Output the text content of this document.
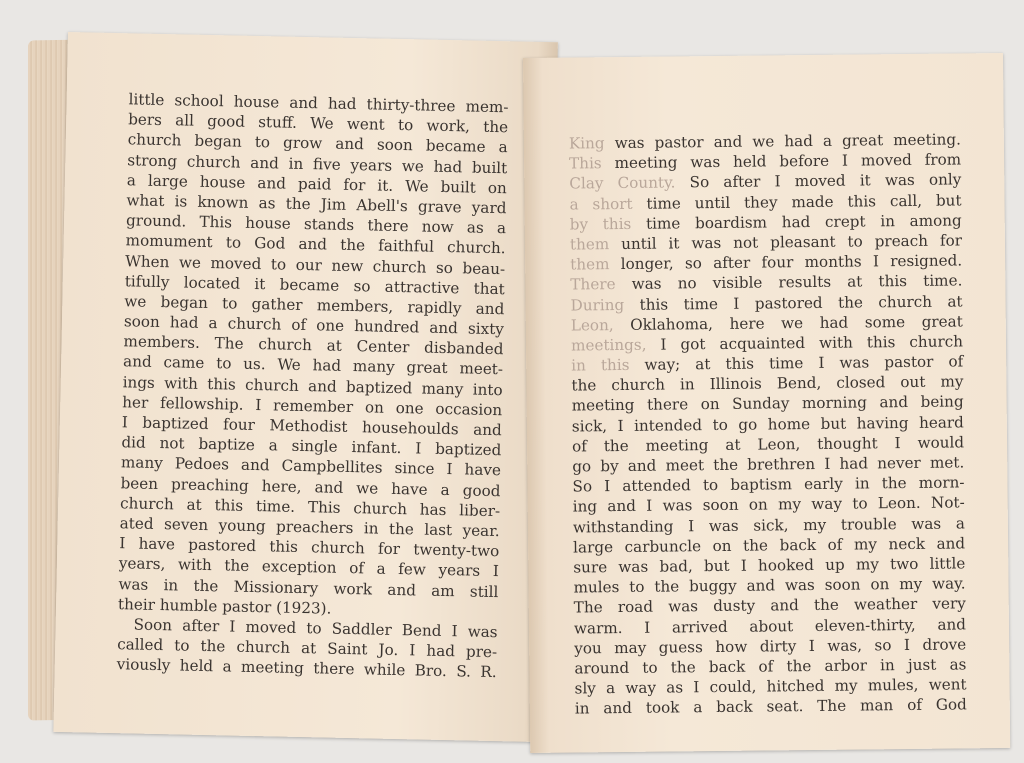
little school house and had thirty-three mem-
bers all good stuff. We went to work, the
church began to grow and soon became a
strong church and in five years we had built
a large house and paid for it. We built on
what is known as the Jim Abell's grave yard
ground. This house stands there now as a
momument to God and the faithful church.
When we moved to our new church so beau-
tifully located it became so attractive that
we began to gather members, rapidly and
soon had a church of one hundred and sixty
members. The church at Center disbanded
and came to us. We had many great meet-
ings with this church and baptized many into
her fellowship. I remember on one occasion
I baptized four Methodist househoulds and
did not baptize a single infant. I baptized
many Pedoes and Campbellites since I have
been preaching here, and we have a good
church at this time. This church has liber-
ated seven young preachers in the last year.
I have pastored this church for twenty-two
years, with the exception of a few years I
was in the Missionary work and am still
their humble pastor (1923).
Soon after I moved to Saddler Bend I was
called to the church at Saint Jo. I had pre-
viously held a meeting there while Bro. S. R.
King was pastor and we had a great meeting.
This meeting was held before I moved from
Clay County. So after I moved it was only
a short time until they made this call, but
by this time boardism had crept in among
them until it was not pleasant to preach for
them longer, so after four months I resigned.
There was no visible results at this time.
During this time I pastored the church at
Leon, Oklahoma, here we had some great
meetings, I got acquainted with this church
in this way; at this time I was pastor of
the church in Illinois Bend, closed out my
meeting there on Sunday morning and being
sick, I intended to go home but having heard
of the meeting at Leon, thought I would
go by and meet the brethren I had never met.
So I attended to baptism early in the morn-
ing and I was soon on my way to Leon. Not-
withstanding I was sick, my trouble was a
large carbuncle on the back of my neck and
sure was bad, but I hooked up my two little
mules to the buggy and was soon on my way.
The road was dusty and the weather very
warm. I arrived about eleven-thirty, and
you may guess how dirty I was, so I drove
around to the back of the arbor in just as
sly a way as I could, hitched my mules, went
in and took a back seat. The man of God
